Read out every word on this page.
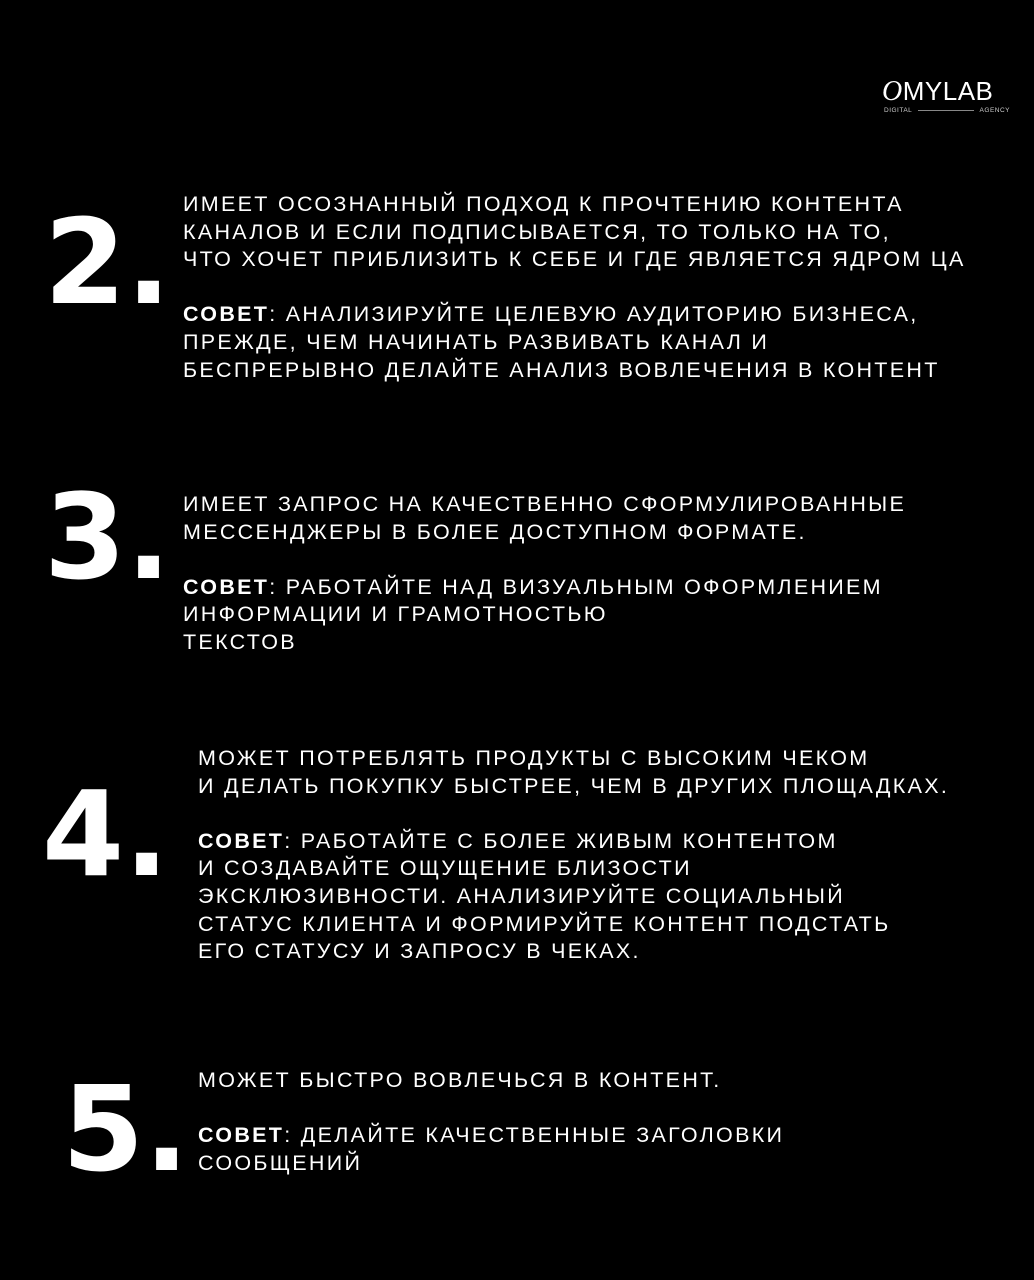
OMYLAB
DIGITAL	AGENCY
2. ИМЕЕТ ОСОЗНАННЫЙ ПОДХОД К ПРОЧТЕНИЮ КОНТЕНТА
КАНАЛОВ И ЕСЛИ ПОДПИСЫВАЕТСЯ, ТО ТОЛЬКО НА ТО,
ЧТО ХОЧЕТ ПРИБЛИЗИТЬ К СЕБЕ И ГДЕ ЯВЛЯЕТСЯ ЯДРОМ ЦА
СОВЕТ: АНАЛИЗИРУЙТЕ ЦЕЛЕВУЮ АУДИТОРИЮ БИЗНЕСА,
ПРЕЖДЕ, ЧЕМ НАЧИНАТЬ РАЗВИВАТЬ КАНАЛ И
БЕСПРЕРЫВНО ДЕЛАЙТЕ АНАЛИЗ ВОВЛЕЧЕНИЯ В КОНТЕНТ
3. ИМЕЕТ ЗАПРОС НА КАЧЕСТВЕННО СФОРМУЛИРОВАННЫЕ
МЕССЕНДЖЕРЫ В БОЛЕЕ ДОСТУПНОМ ФОРМАТЕ.
СОВЕТ: РАБОТАЙТЕ НАД ВИЗУАЛЬНЫМ ОФОРМЛЕНИЕМ
ИНФОРМАЦИИ И ГРАМОТНОСТЬЮ
ТЕКСТОВ
4.
МОЖЕТ ПОТРЕБЛЯТЬ ПРОДУКТЫ С ВЫСОКИМ ЧЕКОМ
И ДЕЛАТЬ ПОКУПКУ БЫСТРЕЕ, ЧЕМ В ДРУГИХ ПЛОЩАДКАХ.
СОВЕТ: РАБОТАЙТЕ С БОЛЕЕ ЖИВЫМ КОНТЕНТОМ
И СОЗДАВАЙТЕ ОЩУЩЕНИЕ БЛИЗОСТИ
ЭКСКЛЮЗИВНОСТИ. АНАЛИЗИРУЙТЕ СОЦИАЛЬНЫЙ
СТАТУС КЛИЕНТА И ФОРМИРУЙТЕ КОНТЕНТ ПОДСТАТЬ
ЕГО СТАТУСУ И ЗАПРОСУ В ЧЕКАХ.
5. МОЖЕТ БЫСТРО ВОВЛЕЧЬСЯ В КОНТЕНТ.
СОВЕТ: ДЕЛАЙТЕ КАЧЕСТВЕННЫЕ ЗАГОЛОВКИ
СООБЩЕНИЙ
